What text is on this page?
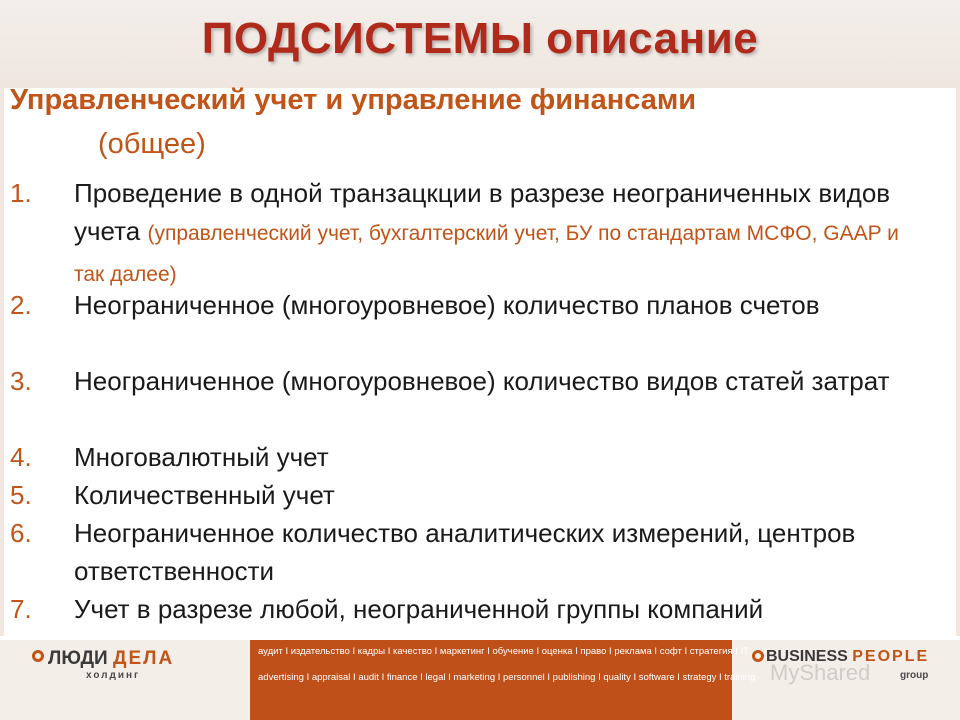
ПОДСИСТЕМЫ описание
Управленческий учет и управление финансами
(общее)
1. Проведение в одной транзацкции в разрезе неограниченных видов учета (управленческий учет, бухгалтерский учет, БУ по стандартам МСФО, GAAP и так далее)
2. Неограниченное (многоуровневое) количество планов счетов
3. Неограниченное (многоуровневое) количество видов статей затрат
4. Многовалютный учет
5. Количественный учет
6. Неограниченное количество аналитических измерений, центров ответственности
7. Учет в разрезе любой, неограниченной группы компаний
ЛЮДИ ДЕЛА
холдинг
аудит I издательство I кадры I качество I маркетинг I обучение I оценка I право I реклама I софт I стратегия I IT
advertising I appraisal I audit I finance I legal I marketing I personnel I publishing I quality I software I strategy I training
BUSINESS PEOPLE
group
MyShared
